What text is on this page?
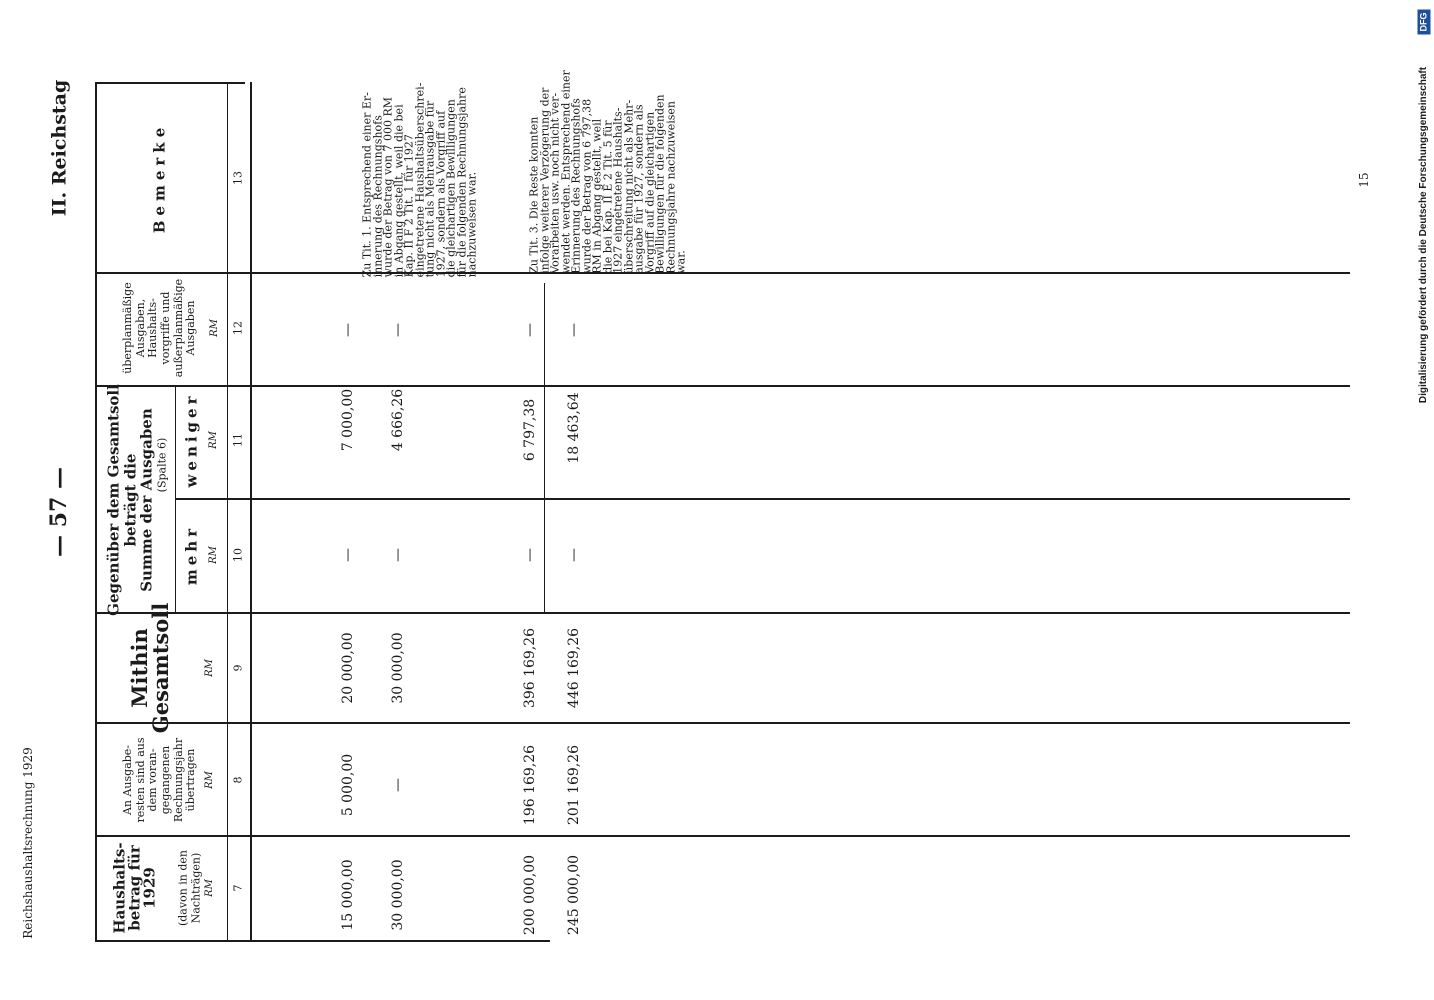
— 57 —
II. Reichstag
Reichshaushaltsrechnung 1929
15	Digitalisierung gefördert durch die Deutsche Forschungsgemeinschaft
DFG
Haushalts-
betrag für
1929 (davon in den
Nachträgen)
An Ausgabe-
resten sind aus
dem voran-
gegangenen
Rechnungsjahr
übertragen
Mithin
Gesamtsoll
Gegenüber dem Gesamtsoll
beträgt die
Summe der Ausgaben (Spalte 6)
mehr
weniger
überplanmäßige
Ausgaben,
Haushalts-
vorgriffe und
außerplanmäßige
Ausgaben
Bemerke
RM
RM
RM
RM
RM
RM
7
8
9
10
11
12
13
15 000,00
5 000,00
20 000,00
—
7 000,00
—
30 000,00
—
30 000,00
—
4 666,26
—
200 000,00
196 169,26
396 169,26
—
6 797,38
—
245 000,00
201 169,26
446 169,26
—
18 463,64
—
Zu Tit. 1. Entsprechend einer Er-
innerung des Rechnungshofs
wurde der Betrag von 7 000 RM
in Abgang gestellt, weil die bei
Kap. II F 2 Tit. 1 für 1927
eingetretene Haushaltsüberschrei-
tung nicht als Mehrausgabe für
1927, sondern als Vorgriff auf
die gleichartigen Bewilligungen
für die folgenden Rechnungsjahre
nachzuweisen war.
Zu Tit. 3. Die Reste konnten
infolge weiterer Verzögerung der
Vorarbeiten usw. noch nicht ver-
wendet werden. Entsprechend einer
Erinnerung des Rechnungshofs
wurde der Betrag von 6 797,38
RM in Abgang gestellt, weil
die bei Kap. II E 2 Tit. 5 für
1927 eingetretene Haushalts-
überschreitung nicht als Mehr-
ausgabe für 1927, sondern als
Vorgriff auf die gleichartigen
Bewilligungen für die folgenden
Rechnungsjahre nachzuweisen
war.
